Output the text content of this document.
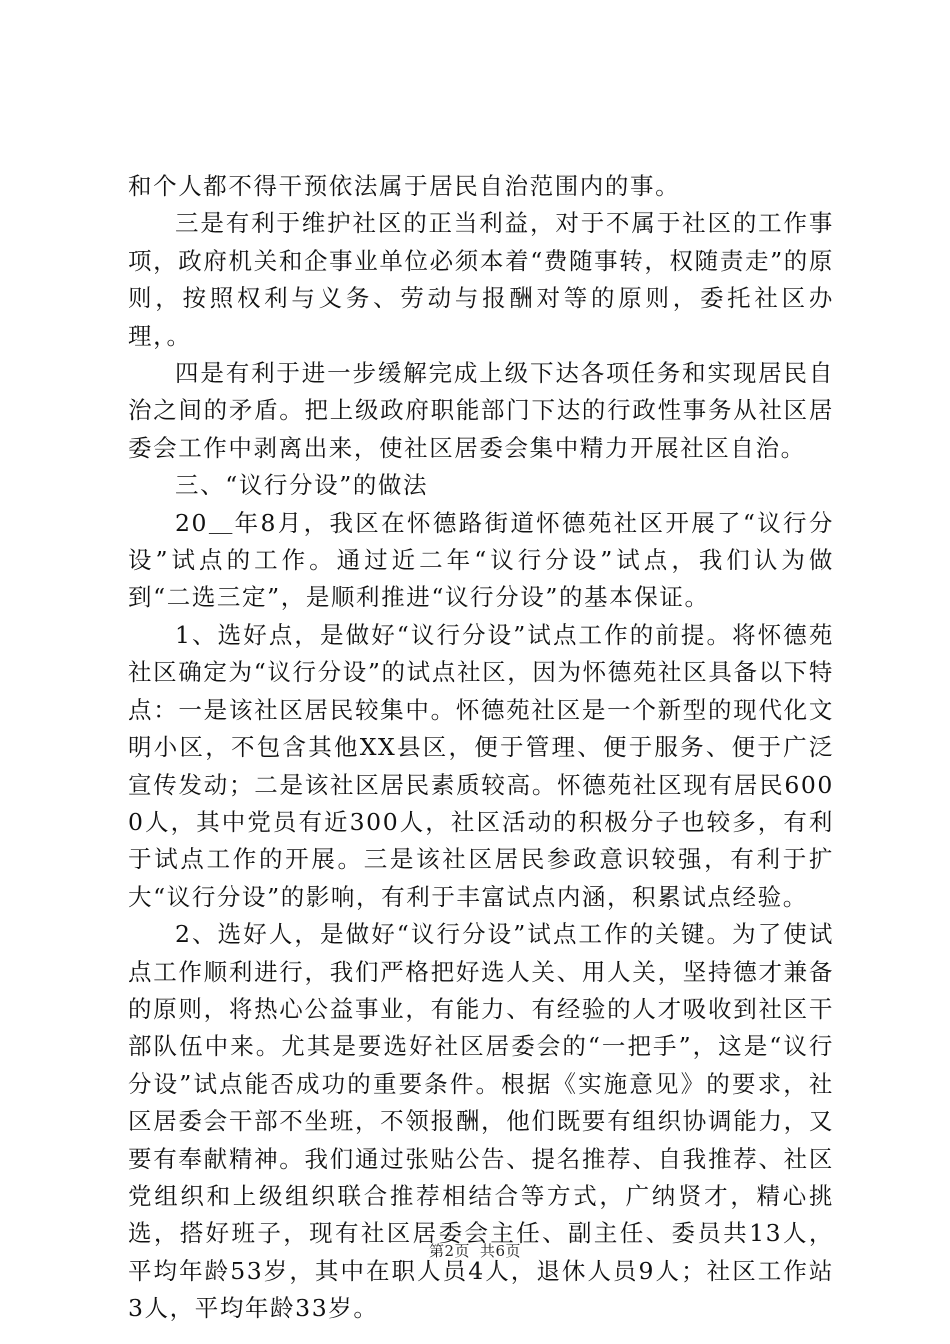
和个人都不得干预依法属于居民自治范围内的事。

三是有利于维护社区的正当利益，对于不属于社区的工作事项，政府机关和企事业单位必须本着“费随事转，权随责走”的原则，按照权利与义务、劳动与报酬对等的原则，委托社区办理，。

四是有利于进一步缓解完成上级下达各项任务和实现居民自治之间的矛盾。把上级政府职能部门下达的行政性事务从社区居委会工作中剥离出来，使社区居委会集中精力开展社区自治。

三、“议行分设”的做法

20＿年8月，我区在怀德路街道怀德苑社区开展了“议行分设”试点的工作。通过近二年“议行分设”试点，我们认为做到“二选三定”，是顺利推进“议行分设”的基本保证。

1、选好点，是做好“议行分设”试点工作的前提。将怀德苑社区确定为“议行分设”的试点社区，因为怀德苑社区具备以下特点：一是该社区居民较集中。怀德苑社区是一个新型的现代化文明小区，不包含其他XX县区，便于管理、便于服务、便于广泛宣传发动；二是该社区居民素质较高。怀德苑社区现有居民6000人，其中党员有近300人，社区活动的积极分子也较多，有利于试点工作的开展。三是该社区居民参政意识较强，有利于扩大“议行分设”的影响，有利于丰富试点内涵，积累试点经验。

2、选好人，是做好“议行分设”试点工作的关键。为了使试点工作顺利进行，我们严格把好选人关、用人关，坚持德才兼备的原则，将热心公益事业，有能力、有经验的人才吸收到社区干部队伍中来。尤其是要选好社区居委会的“一把手”，这是“议行分设”试点能否成功的重要条件。根据《实施意见》的要求，社区居委会干部不坐班，不领报酬，他们既要有组织协调能力，又要有奉献精神。我们通过张贴公告、提名推荐、自我推荐、社区党组织和上级组织联合推荐相结合等方式，广纳贤才，精心挑选，搭好班子，现有社区居委会主任、副主任、委员共13人，平均年龄53岁，其中在职人员4人，退休人员9人；社区工作站3人，平均年龄33岁。

第2页 共6页
